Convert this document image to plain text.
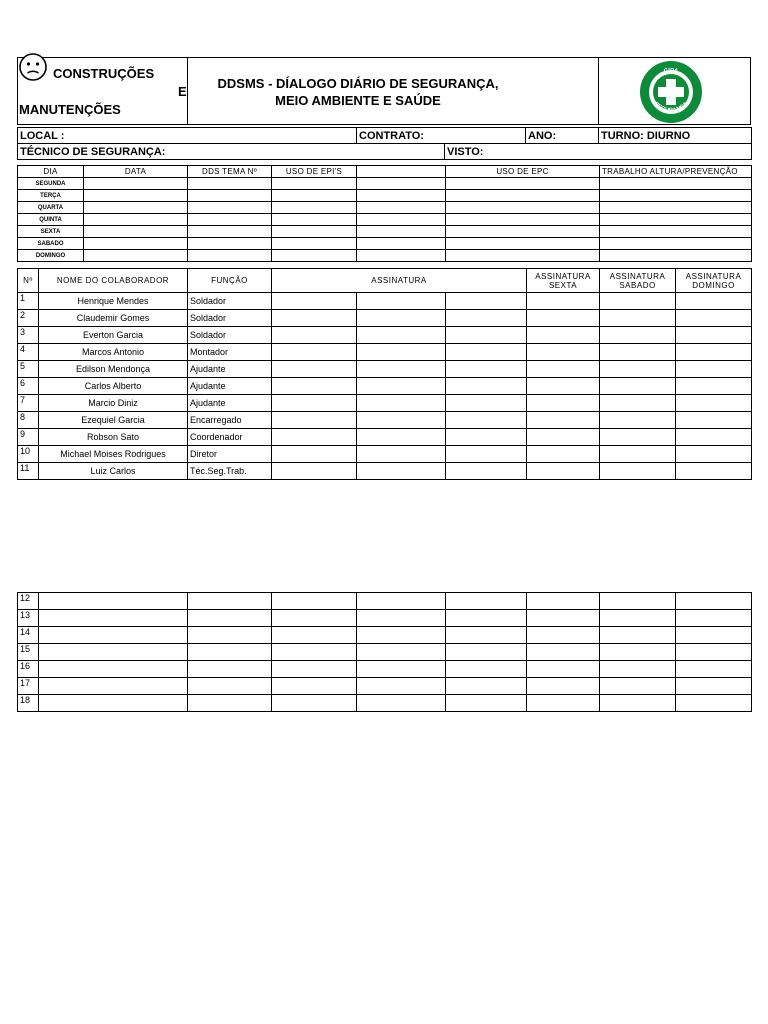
CONSTRUÇÕES
E
MANUTENÇÕES
DDSMS - DÍALOGO DIÁRIO DE SEGURANÇA,
MEIO AMBIENTE E SAÚDE
CIPA
SEGURANÇA
LOCAL :	CONTRATO:		ANO:	TURNO: DIURNO
TÉCNICO DE SEGURANÇA:		VISTO:		
DIA	DATA	DDS TEMA Nº	USO DE EPI'S		USO DE EPC	TRABALHO ALTURA/PREVENÇÃO
SEGUNDA						
TERÇA						
QUARTA						
QUINTA						
SEXTA						
SABADO						
DOMINGO						
Nº	NOME DO COLABORADOR	FUNÇÃO	ASSINATURA			ASSINATURA SEXTA	ASSINATURA SABADO	ASSINATURA DOMINGO
1	Henrique Mendes	Soldador						
2	Claudemir Gomes	Soldador						
3	Everton Garcia	Soldador						
4	Marcos Antonio	Montador						
5	Edilson Mendonça	Ajudante						
6	Carlos Alberto	Ajudante						
7	Marcio Diniz	Ajudante						
8	Ezequiel Garcia	Encarregado						
9	Robson Sato	Coordenador						
10	Michael Moises Rodrigues	Diretor						
11	Luiz Carlos	Téc.Seg.Trab.						
12								
13								
14								
15								
16								
17								
18								
